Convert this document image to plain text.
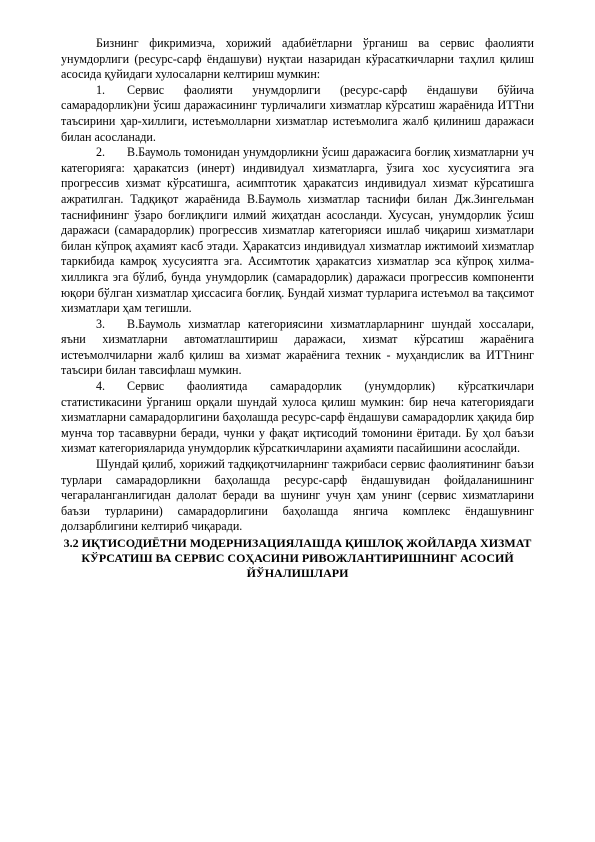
Бизнинг фикримизча, хорижий адабиётларни ўрганиш ва сервис фаолияти унумдорлиги (ресурс-сарф ёндашуви) нуқтаи назаридан кўрасаткичларни таҳлил қилиш асосида қуйидаги хулосаларни келтириш мумкин:

1. Сервис фаолияти унумдорлиги (ресурс-сарф ёндашуви бўйича самарадорлик)ни ўсиш даражасининг турличалиги хизматлар кўрсатиш жараёнида ИТТни таъсирини ҳар-хиллиги, истеъмолларни хизматлар истеъмолига жалб қилиниш даражаси билан асосланади.

2. В.Баумоль томонидан унумдорликни ўсиш даражасига боғлиқ хизматларни уч категорияга: ҳаракатсиз (инерт) индивидуал хизматларга, ўзига хос хусусиятига эга прогрессив хизмат кўрсатишга, асимптотик ҳаракатсиз индивидуал хизмат кўрсатишга ажратилган. Тадқиқот жараёнида В.Баумоль хизматлар таснифи билан Дж.Зингельман таснифининг ўзаро боғлиқлиги илмий жиҳатдан асосланди. Хусусан, унумдорлик ўсиш даражаси (самарадорлик) прогрессив хизматлар категорияси ишлаб чиқариш хизматлари билан кўпроқ аҳамият касб этади. Ҳаракатсиз индивидуал хизматлар ижтимоий хизматлар таркибида камроқ хусусиятга эга. Ассимтотик ҳаракатсиз хизматлар эса кўпроқ хилма-хилликга эга бўлиб, бунда унумдорлик (самарадорлик) даражаси прогрессив компоненти юқори бўлган хизматлар ҳиссасига боғлиқ. Бундай хизмат турларига истеъмол ва тақсимот хизматлари ҳам тегишли.

3. В.Баумоль хизматлар категориясини хизматларларнинг шундай хоссалари, яъни хизматларни автоматлаштириш даражаси, хизмат кўрсатиш жараёнига истеъмолчиларни жалб қилиш ва хизмат жараёнига техник - муҳандислик ва ИТТнинг таъсири билан тавсифлаш мумкин.

4. Сервис фаолиятида самарадорлик (унумдорлик) кўрсаткичлари статистикасини ўрганиш орқали шундай хулоса қилиш мумкин: бир неча категориядаги хизматларни самарадорлигини баҳолашда ресурс-сарф ёндашуви самарадорлик ҳақида бир мунча тор тасаввурни беради, чунки у фақат иқтисодий томонини ёритади. Бу ҳол баъзи хизмат категорияларида унумдорлик кўрсаткичларини аҳамияти пасайишини асослайди.

Шундай қилиб, хорижий тадқиқотчиларнинг тажрибаси сервис фаолиятининг баъзи турлари самарадорликни баҳолашда ресурс-сарф ёндашувидан фойдаланишнинг чегараланганлигидан далолат беради ва шунинг учун ҳам унинг (сервис хизматларини баъзи турларини) самарадорлигини баҳолашда янгича комплекс ёндашувнинг долзарблигини келтириб чиқаради.

3.2 ИҚТИСОДИЁТНИ МОДЕРНИЗАЦИЯЛАШДА ҚИШЛОҚ ЖОЙЛАРДА ХИЗМАТ КЎРСАТИШ ВА СЕРВИС СОҲАСИНИ РИВОЖЛАНТИРИШНИНГ АСОСИЙ ЙЎНАЛИШЛАРИ
